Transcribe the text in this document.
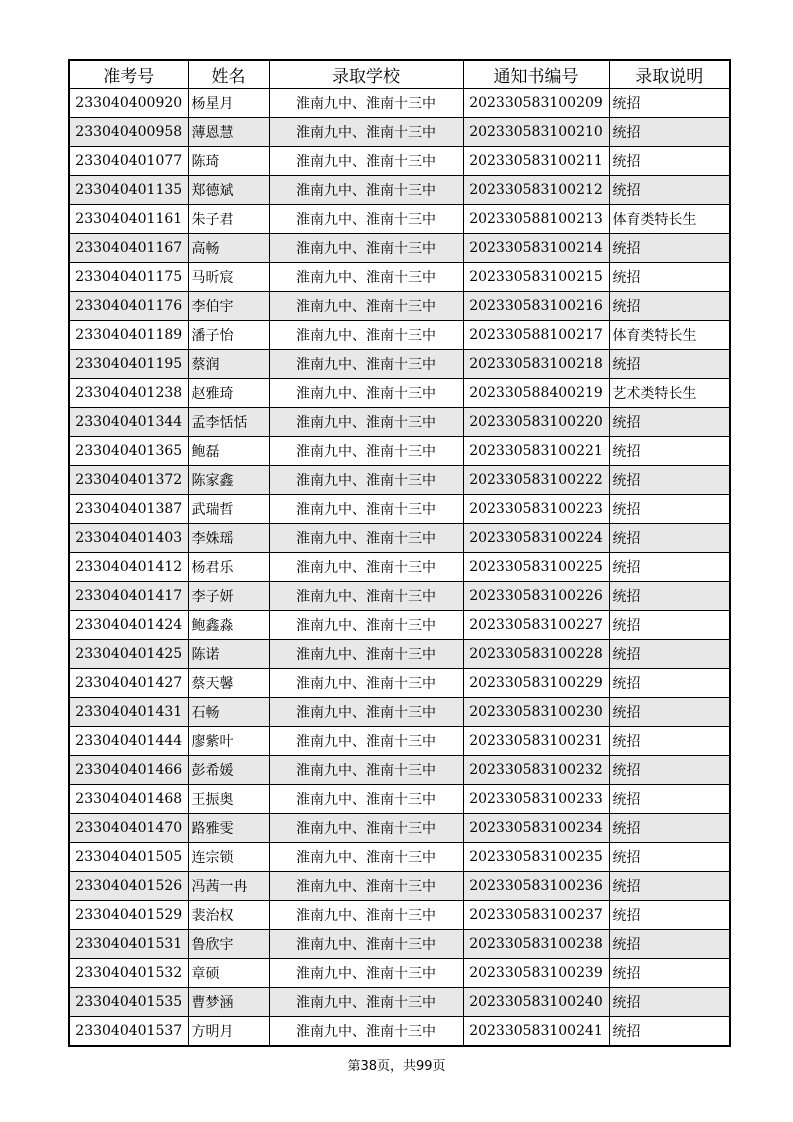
准考号	姓名	录取学校	通知书编号	录取说明
233040400920	杨星月	淮南九中、淮南十三中	202330583100209	统招
233040400958	薄恩慧	淮南九中、淮南十三中	202330583100210	统招
233040401077	陈琦	淮南九中、淮南十三中	202330583100211	统招
233040401135	郑德斌	淮南九中、淮南十三中	202330583100212	统招
233040401161	朱子君	淮南九中、淮南十三中	202330588100213	体育类特长生
233040401167	高畅	淮南九中、淮南十三中	202330583100214	统招
233040401175	马昕宸	淮南九中、淮南十三中	202330583100215	统招
233040401176	李伯宇	淮南九中、淮南十三中	202330583100216	统招
233040401189	潘子怡	淮南九中、淮南十三中	202330588100217	体育类特长生
233040401195	蔡润	淮南九中、淮南十三中	202330583100218	统招
233040401238	赵雅琦	淮南九中、淮南十三中	202330588400219	艺术类特长生
233040401344	孟李恬恬	淮南九中、淮南十三中	202330583100220	统招
233040401365	鲍磊	淮南九中、淮南十三中	202330583100221	统招
233040401372	陈家鑫	淮南九中、淮南十三中	202330583100222	统招
233040401387	武瑞哲	淮南九中、淮南十三中	202330583100223	统招
233040401403	李姝瑶	淮南九中、淮南十三中	202330583100224	统招
233040401412	杨君乐	淮南九中、淮南十三中	202330583100225	统招
233040401417	李子妍	淮南九中、淮南十三中	202330583100226	统招
233040401424	鲍鑫淼	淮南九中、淮南十三中	202330583100227	统招
233040401425	陈诺	淮南九中、淮南十三中	202330583100228	统招
233040401427	蔡天馨	淮南九中、淮南十三中	202330583100229	统招
233040401431	石畅	淮南九中、淮南十三中	202330583100230	统招
233040401444	廖紫叶	淮南九中、淮南十三中	202330583100231	统招
233040401466	彭希媛	淮南九中、淮南十三中	202330583100232	统招
233040401468	王振奥	淮南九中、淮南十三中	202330583100233	统招
233040401470	路雅雯	淮南九中、淮南十三中	202330583100234	统招
233040401505	连宗锁	淮南九中、淮南十三中	202330583100235	统招
233040401526	冯茜一冉	淮南九中、淮南十三中	202330583100236	统招
233040401529	裴治权	淮南九中、淮南十三中	202330583100237	统招
233040401531	鲁欣宇	淮南九中、淮南十三中	202330583100238	统招
233040401532	章硕	淮南九中、淮南十三中	202330583100239	统招
233040401535	曹梦涵	淮南九中、淮南十三中	202330583100240	统招
233040401537	方明月	淮南九中、淮南十三中	202330583100241	统招
第38页，共99页
